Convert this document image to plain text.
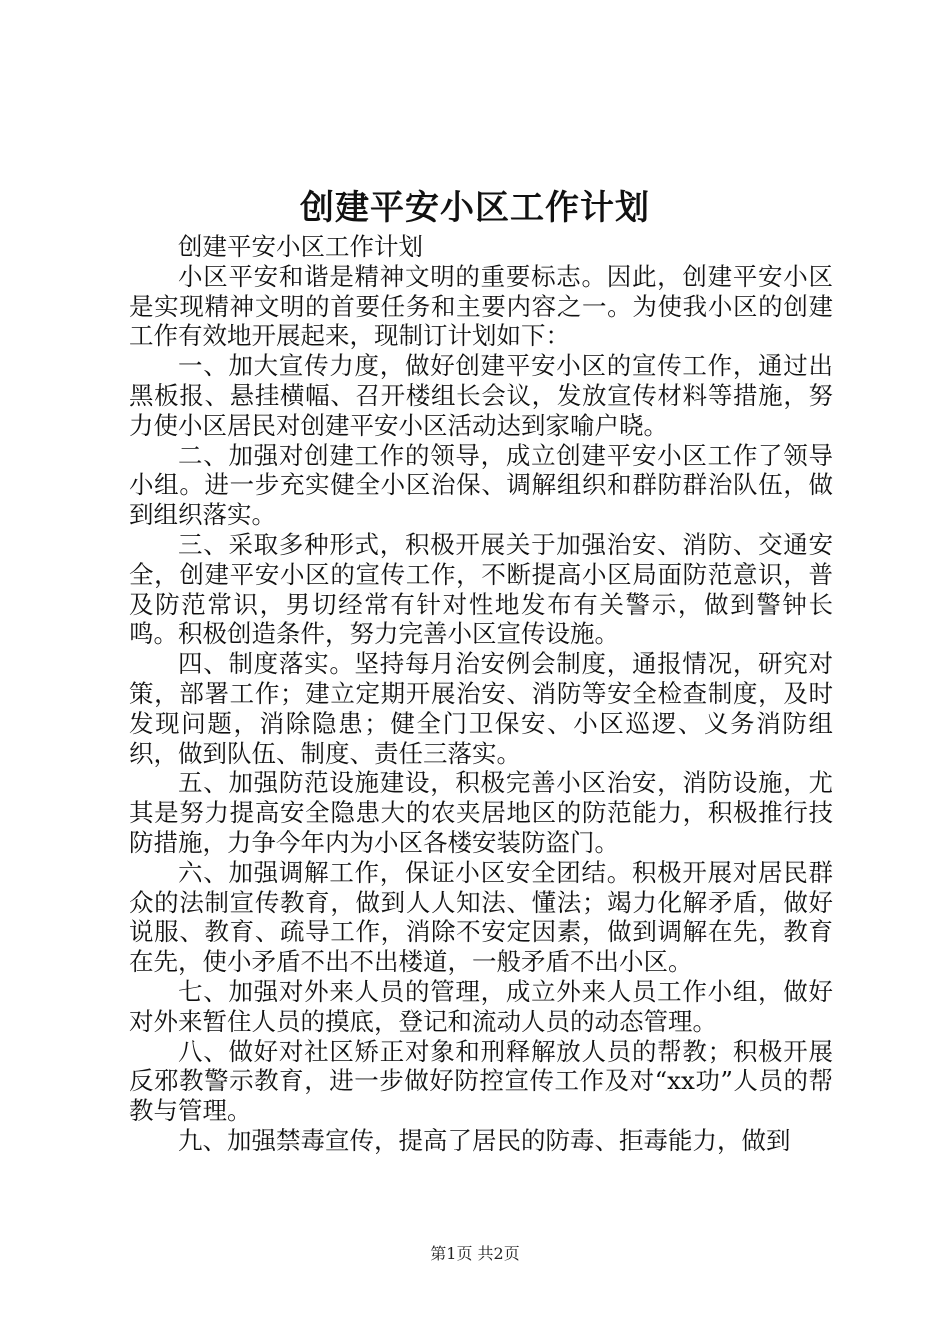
创建平安小区工作计划

创建平安小区工作计划

小区平安和谐是精神文明的重要标志。因此，创建平安小区是实现精神文明的首要任务和主要内容之一。为使我小区的创建工作有效地开展起来，现制订计划如下：

一、加大宣传力度，做好创建平安小区的宣传工作，通过出黑板报、悬挂横幅、召开楼组长会议，发放宣传材料等措施，努力使小区居民对创建平安小区活动达到家喻户晓。

二、加强对创建工作的领导，成立创建平安小区工作了领导小组。进一步充实健全小区治保、调解组织和群防群治队伍，做到组织落实。

三、采取多种形式，积极开展关于加强治安、消防、交通安全，创建平安小区的宣传工作，不断提高小区局面防范意识，普及防范常识，男切经常有针对性地发布有关警示，做到警钟长鸣。积极创造条件，努力完善小区宣传设施。

四、制度落实。坚持每月治安例会制度，通报情况，研究对策，部署工作；建立定期开展治安、消防等安全检查制度，及时发现问题，消除隐患；健全门卫保安、小区巡逻、义务消防组织，做到队伍、制度、责任三落实。

五、加强防范设施建设，积极完善小区治安，消防设施，尤其是努力提高安全隐患大的农夹居地区的防范能力，积极推行技防措施，力争今年内为小区各楼安装防盗门。

六、加强调解工作，保证小区安全团结。积极开展对居民群众的法制宣传教育，做到人人知法、懂法；竭力化解矛盾，做好说服、教育、疏导工作，消除不安定因素，做到调解在先，教育在先，使小矛盾不出不出楼道，一般矛盾不出小区。

七、加强对外来人员的管理，成立外来人员工作小组，做好对外来暂住人员的摸底，登记和流动人员的动态管理。

八、做好对社区矫正对象和刑释解放人员的帮教；积极开展反邪教警示教育，进一步做好防控宣传工作及对“xx功”人员的帮教与管理。

九、加强禁毒宣传，提高了居民的防毒、拒毒能力，做到

第1页 共2页
